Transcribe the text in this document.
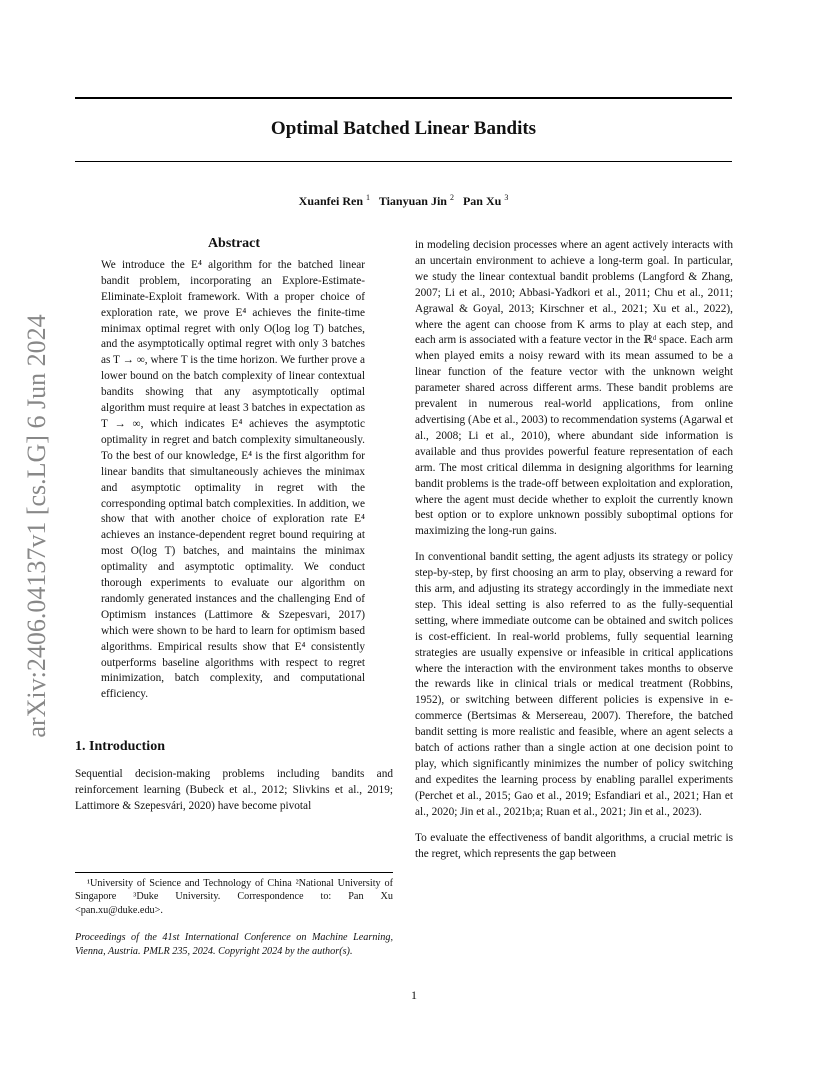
Optimal Batched Linear Bandits
Xuanfei Ren $^1$ Tianyuan Jin $^2$ Pan Xu $^3$
arXiv:2406.04137v1 [cs.LG] 6 Jun 2024
Abstract

We introduce the E⁴ algorithm for the batched linear bandit problem, incorporating an Explore-Estimate-Eliminate-Exploit framework. With a proper choice of exploration rate, we prove E⁴ achieves the finite-time minimax optimal regret with only O(log log T) batches, and the asymptotically optimal regret with only 3 batches as T → ∞, where T is the time horizon. We further prove a lower bound on the batch complexity of linear contextual bandits showing that any asymptotically optimal algorithm must require at least 3 batches in expectation as T → ∞, which indicates E⁴ achieves the asymptotic optimality in regret and batch complexity simultaneously. To the best of our knowledge, E⁴ is the first algorithm for linear bandits that simultaneously achieves the minimax and asymptotic optimality in regret with the corresponding optimal batch complexities. In addition, we show that with another choice of exploration rate E⁴ achieves an instance-dependent regret bound requiring at most O(log T) batches, and maintains the minimax optimality and asymptotic optimality. We conduct thorough experiments to evaluate our algorithm on randomly generated instances and the challenging End of Optimism instances (Lattimore & Szepesvari, 2017) which were shown to be hard to learn for optimism based algorithms. Empirical results show that E⁴ consistently outperforms baseline algorithms with respect to regret minimization, batch complexity, and computational efficiency.

1. Introduction

Sequential decision-making problems including bandits and reinforcement learning (Bubeck et al., 2012; Slivkins et al., 2019; Lattimore & Szepesvári, 2020) have become pivotal

in modeling decision processes where an agent actively interacts with an uncertain environment to achieve a long-term goal. In particular, we study the linear contextual bandit problems (Langford & Zhang, 2007; Li et al., 2010; Abbasi-Yadkori et al., 2011; Chu et al., 2011; Agrawal & Goyal, 2013; Kirschner et al., 2021; Xu et al., 2022), where the agent can choose from K arms to play at each step, and each arm is associated with a feature vector in the ℝᵈ space. Each arm when played emits a noisy reward with its mean assumed to be a linear function of the feature vector with the unknown weight parameter shared across different arms. These bandit problems are prevalent in numerous real-world applications, from online advertising (Abe et al., 2003) to recommendation systems (Agarwal et al., 2008; Li et al., 2010), where abundant side information is available and thus provides powerful feature representation of each arm. The most critical dilemma in designing algorithms for learning bandit problems is the trade-off between exploitation and exploration, where the agent must decide whether to exploit the currently known best option or to explore unknown possibly suboptimal options for maximizing the long-run gains.

In conventional bandit setting, the agent adjusts its strategy or policy step-by-step, by first choosing an arm to play, observing a reward for this arm, and adjusting its strategy accordingly in the immediate next step. This ideal setting is also referred to as the fully-sequential setting, where immediate outcome can be obtained and switch polices is cost-efficient. In real-world problems, fully sequential learning strategies are usually expensive or infeasible in critical applications where the interaction with the environment takes months to observe the rewards like in clinical trials or medical treatment (Robbins, 1952), or switching between different policies is expensive in e-commerce (Bertsimas & Mersereau, 2007). Therefore, the batched bandit setting is more realistic and feasible, where an agent selects a batch of actions rather than a single action at one decision point to play, which significantly minimizes the number of policy switching and expedites the learning process by enabling parallel experiments (Perchet et al., 2015; Gao et al., 2019; Esfandiari et al., 2021; Han et al., 2020; Jin et al., 2021b;a; Ruan et al., 2021; Jin et al., 2023).

To evaluate the effectiveness of bandit algorithms, a crucial metric is the regret, which represents the gap between

¹University of Science and Technology of China ²National University of Singapore ³Duke University. Correspondence to: Pan Xu <pan.xu@duke.edu>.
Proceedings of the 41st International Conference on Machine Learning, Vienna, Austria. PMLR 235, 2024. Copyright 2024 by the author(s).
1
